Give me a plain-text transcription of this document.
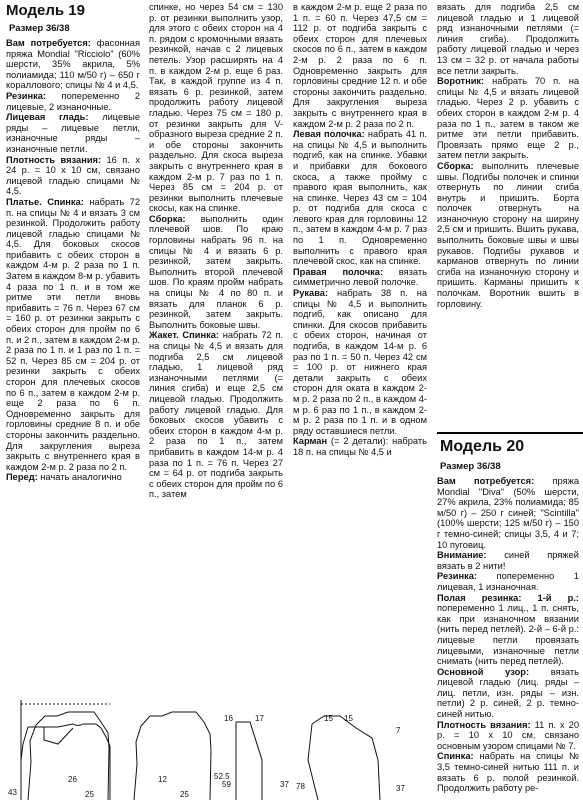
Модель 19
Размер 36/38

Вам потребуется: фасонная пряжа Mondial "Ricciolo" (60% шерсти, 35% акрила, 5% полиамида; 110 м/50 г) – 650 г кораллового; спицы № 4 и 4,5.

Резинка: попеременно 2 лицевые, 2 изнаночные.

Лицевая гладь: лицевые ряды – лицевые петли, изнаночные ряды – изнаночные петли.

Плотность вязания: 16 п. х 24 р. = 10 х 10 см, связано лицевой гладью спицами № 4,5.

Платье. Спинка: набрать 72 п. на спицы № 4 и вязать 3 см резинкой. Продолжить работу лицевой гладью спицами № 4,5. Для боковых скосов прибавить с обеих сторон в каждом 4-м р. 2 раза по 1 п. Затем в каждом 8-м р. убавить 4 раза по 1 п. и в том же ритме эти петли вновь прибавить = 76 п. Через 67 см = 160 р. от резинки закрыть с обеих сторон для пройм по 6 п. и 2 п., затем в каждом 2-м р. 2 раза по 1 п. и 1 раз по 1 п. = 52 п. Через 85 см = 204 р. от резинки закрыть с обеих сторон для плечевых скосов по 6 п., затем в каждом 2-м р. еще 2 раза по 6 п. Одновременно закрыть для горловины средние 8 п. и обе стороны закончить раздельно. Для закругления выреза закрыть с внутреннего края в каждом 2-м р. 2 раза по 2 п.

Перед: начать аналогично

спинке, но через 54 см = 130 р. от резинки выполнить узор, для этого с обеих сторон на 4 п. рядом с кромочными вязать резинкой, начав с 2 лицевых петель. Узор расширять на 4 п. в каждом 2-м р. еще 6 раз. Так, в каждой группе из 4 п. вязать 6 р. резинкой, затем продолжить работу лицевой гладью. Через 75 см = 180 р. от резинки закрыть для V-образного выреза средние 2 п. и обе стороны закончить раздельно. Для скоса выреза закрыть с внутреннего края в каждом 2-м р. 7 раз по 1 п. Через 85 см = 204 р. от резинки выполнить плечевые скосы, как на спинке.

Сборка: выполнить один плечевой шов. По краю горловины набрать 96 п. на спицы № 4 и вязать 6 р. резинкой, затем закрыть. Выполнить второй плечевой шов. По краям пройм набрать на спицы № 4 по 80 п. и вязать для планок 6 р. резинкой, затем закрыть. Выполнить боковые швы.

Жакет. Спинка: набрать 72 п. на спицы № 4,5 и вязать для подгиба 2,5 см лицевой гладью, 1 лицевой ряд изнаночными петлями (= линия сгиба) и еще 2,5 см лицевой гладью. Продолжить работу лицевой гладью. Для боковых скосов убавить с обеих сторон в каждом 4-м р. 2 раза по 1 п., затем прибавить в каждом 14-м р. 4 раза по 1 п. = 76 п. Через 27 см = 64 р. от подгиба закрыть с обеих сторон для пройм по 6 п., затем

в каждом 2-м р. еще 2 раза по 1 п. = 60 п. Через 47,5 см = 112 р. от подгиба закрыть с обеих сторон для плечевых скосов по 6 п., затем в каждом 2-м р. 2 раза по 6 п. Одновременно закрыть для горловины средние 12 п. и обе стороны закончить раздельно. Для закругления выреза закрыть с внутреннего края в каждом 2-м р. 2 раза по 2 п.

Левая полочка: набрать 41 п. на спицы № 4,5 и выполнить подгиб, как на спинке. Убавки и прибавки для бокового скоса, а также пройму с правого края выполнить, как на спинке. Через 43 см = 104 р. от подгиба для скоса с левого края для горловины 12 п., затем в каждом 4-м р. 7 раз по 1 п. Одновременно выполнить с правого края плечевой скос, как на спинке.

Правая полочка: вязать симметрично левой полочке.

Рукава: набрать 38 п. на спицы № 4,5 и выполнить подгиб, как описано для спинки. Для скосов прибавить с обеих сторон, начиная от подгиба, в каждом 14-м р. 6 раз по 1 п. = 50 п. Через 42 см = 100 р. от нижнего края детали закрыть с обеих сторон для оката в каждом 2-м р. 2 раза по 2 п., в каждом 4-м р. 6 раз по 1 п., в каждом 2-м р. 2 раза по 1 п. и в одном ряду оставшиеся петли.

Карман (= 2 детали): набрать 18 п. на спицы № 4,5 и

вязать для подгиба 2,5 см лицевой гладью и 1 лицевой ряд изнаночными петлями (= линия сгиба). Продолжить работу лицевой гладью и через 13 см = 32 р. от начала работы все петли закрыть.

Воротник: набрать 70 п. на спицы № 4,5 и вязать лицевой гладью. Через 2 р. убавить с обеих сторон в каждом 2-м р. 4 раза по 1 п., затем в таком же ритме эти петли прибавить. Провязать прямо еще 2 р., затем петли закрыть.

Сборка: выполнить плечевые швы. Подгибы полочек и спинки отвернуть по линии сгиба внутрь и пришить. Борта полочек отвернуть на изнаночную сторону на ширину 2,5 см и пришить. Вшить рукава, выполнить боковые швы и швы рукавов. Подгибы рукавов и карманов отвернуть по линии сгиба на изнаночную сторону и пришить. Карманы пришить к полочкам. Воротник вшить в горловину.

Модель 20
Размер 36/38

Вам потребуется: пряжа Mondial "Diva" (50% шерсти, 27% акрила, 23% полиамида; 85 м/50 г) – 250 г синей; "Scintilla" (100% шерсти; 125 м/50 г) – 150 г темно-синей; спицы 3,5, 4 и 7; 10 пуговиц.

Внимание: синей пряжей вязать в 2 нити!

Резинка: попеременно 1 лицевая, 1 изнаночная.

Полая резинка: 1-й р.: попеременно 1 лиц., 1 п. снять, как при изнаночном вязании (нить перед петлей). 2-й – 6-й р.: лицевые петли провязать лицевыми, изнаночные петли снимать (нить перед петлей).

Основной узор: вязать лицевой гладью (лиц. ряды – лиц. петли, изн. ряды – изн. петли) 2 р. синей, 2 р. темно-синей нитью.

Плотность вязания: 11 п. х 20 р. = 10 х 10 см, связано основным узором спицами № 7.

Спинка: набрать на спицы № 3,5 темно-синей нитью 111 п. и вязать 6 р. полой резинкой. Продолжить работу ре-

43	25
26	12
25
52.5
16	17
59	37
15 15
7
78	37
